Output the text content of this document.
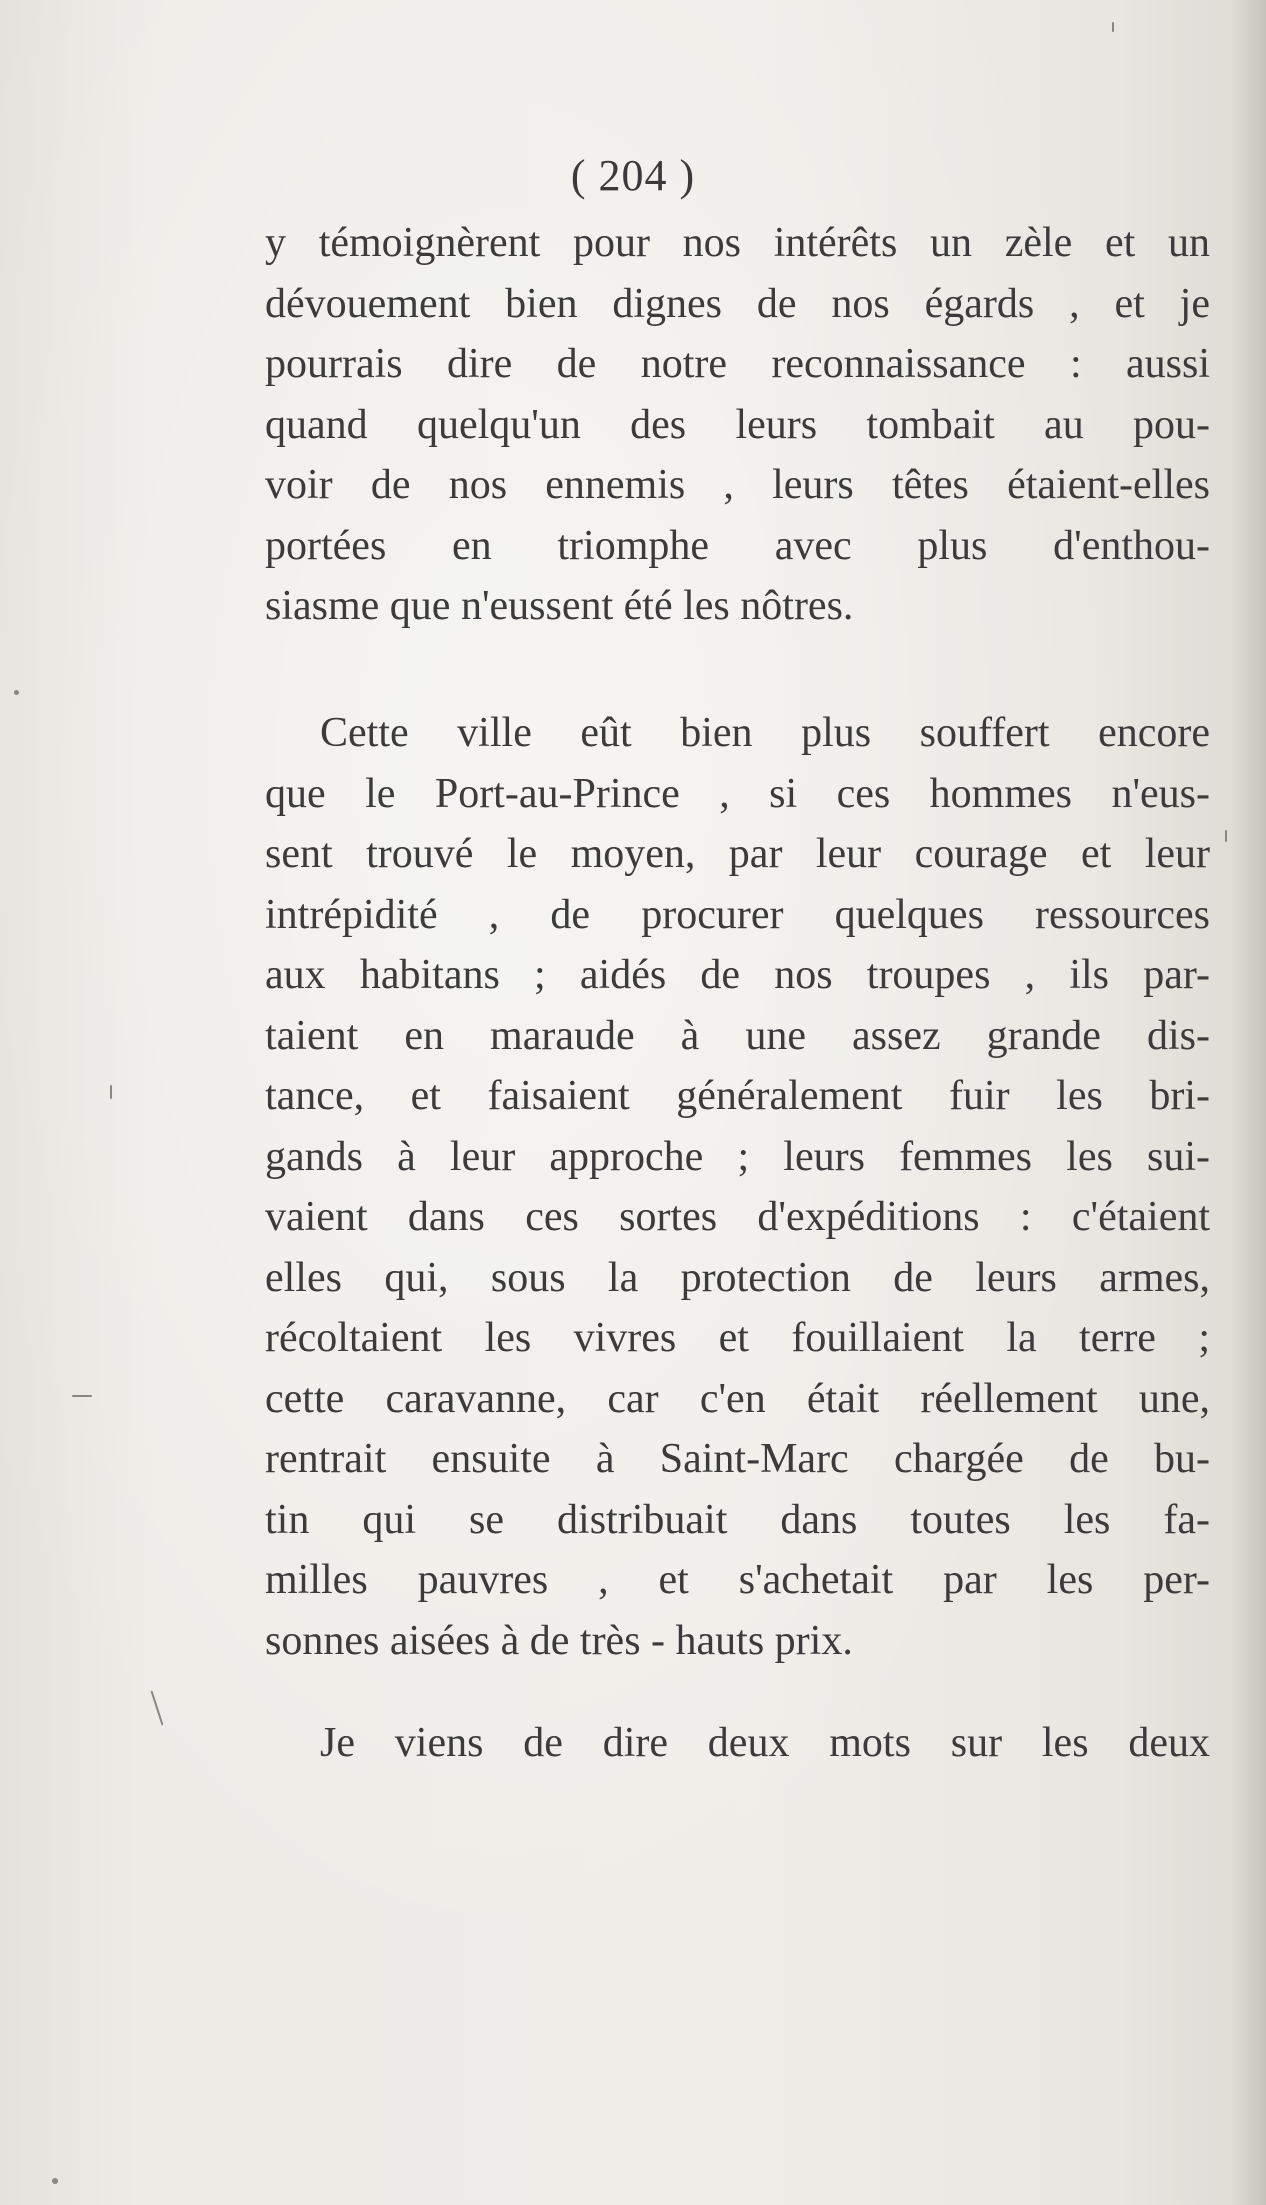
( 204 )
y témoignèrent pour nos intérêts un zèle et un
dévouement bien dignes de nos égards , et je
pourrais dire de notre reconnaissance : aussi
quand quelqu'un des leurs tombait au pou-
voir de nos ennemis , leurs têtes étaient-elles
portées en triomphe avec plus d'enthou-
siasme que n'eussent été les nôtres.
Cette ville eût bien plus souffert encore
que le Port-au-Prince , si ces hommes n'eus-
sent trouvé le moyen, par leur courage et leur
intrépidité , de procurer quelques ressources
aux habitans ; aidés de nos troupes , ils par-
taient en maraude à une assez grande dis-
tance, et faisaient généralement fuir les bri-
gands à leur approche ; leurs femmes les sui-
vaient dans ces sortes d'expéditions : c'étaient
elles qui, sous la protection de leurs armes,
récoltaient les vivres et fouillaient la terre ;
cette caravanne, car c'en était réellement une,
rentrait ensuite à Saint-Marc chargée de bu-
tin qui se distribuait dans toutes les fa-
milles pauvres , et s'achetait par les per-
sonnes aisées à de très - hauts prix.
Je viens de dire deux mots sur les deux
